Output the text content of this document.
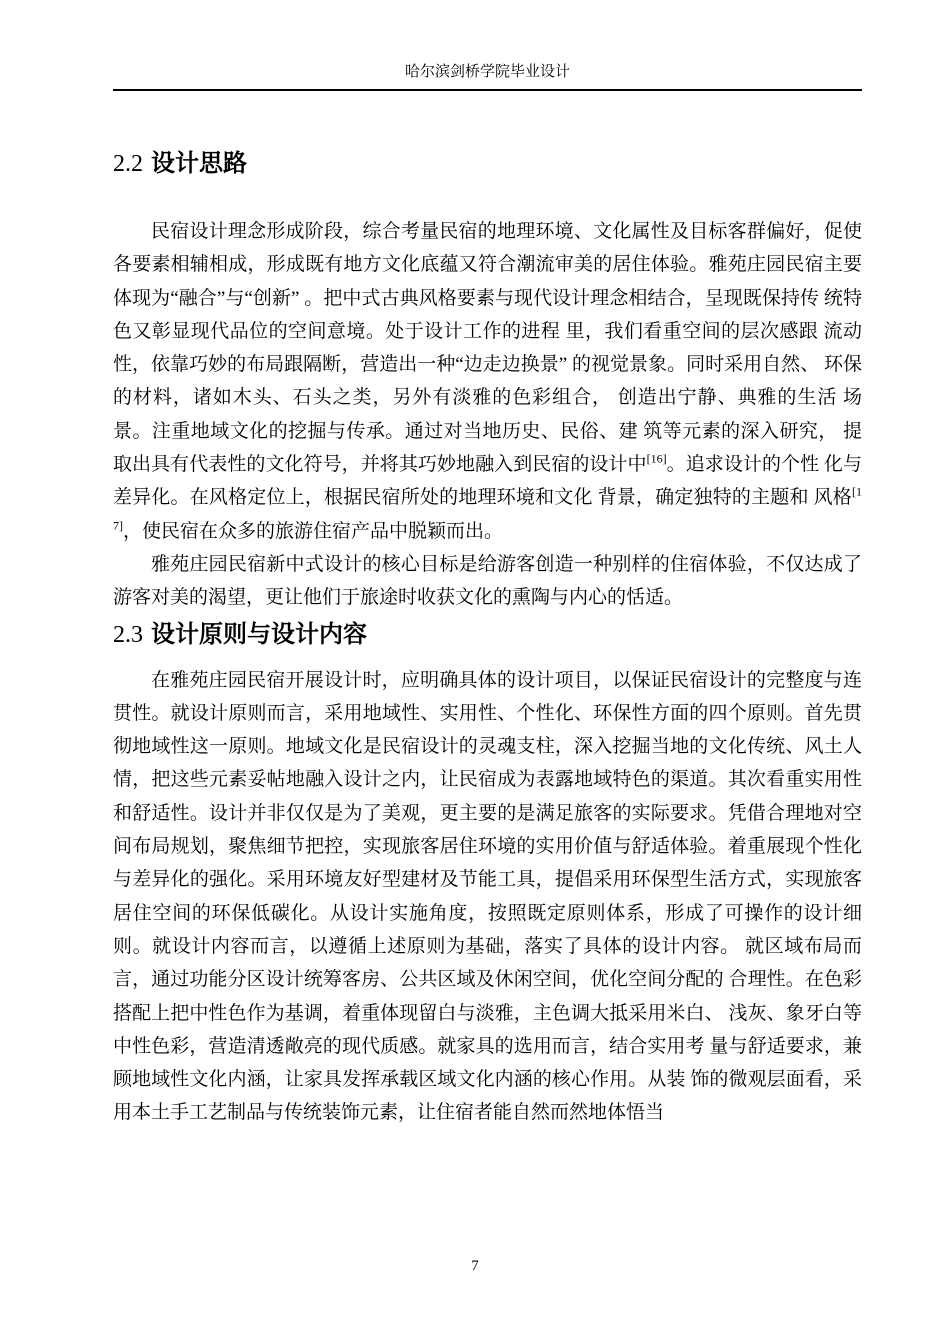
哈尔滨剑桥学院毕业设计
2.2 设计思路

民宿设计理念形成阶段，综合考量民宿的地理环境、文化属性及目标客群偏好，促使各要素相辅相成，形成既有地方文化底蕴又符合潮流审美的居住体验。雅苑庄园民宿主要体现为“融合”与“创新” 。把中式古典风格要素与现代设计理念相结合，呈现既保持传 统特色又彰显现代品位的空间意境。处于设计工作的进程 里，我们看重空间的层次感跟 流动性，依靠巧妙的布局跟隔断，营造出一种“边走边换景” 的视觉景象。同时采用自然、 环保的材料，诸如木头、石头之类，另外有淡雅的色彩组合， 创造出宁静、典雅的生活 场景。注重地域文化的挖掘与传承。通过对当地历史、民俗、建 筑等元素的深入研究， 提取出具有代表性的文化符号，并将其巧妙地融入到民宿的设计中[16]。追求设计的个性 化与差异化。在风格定位上，根据民宿所处的地理环境和文化 背景，确定独特的主题和 风格[17]，使民宿在众多的旅游住宿产品中脱颖而出。

雅苑庄园民宿新中式设计的核心目标是给游客创造一种别样的住宿体验，不仅达成了游客对美的渴望，更让他们于旅途时收获文化的熏陶与内心的恬适。

2.3 设计原则与设计内容

在雅苑庄园民宿开展设计时，应明确具体的设计项目，以保证民宿设计的完整度与连贯性。就设计原则而言，采用地域性、实用性、个性化、环保性方面的四个原则。首先贯彻地域性这一原则。地域文化是民宿设计的灵魂支柱，深入挖掘当地的文化传统、风土人情，把这些元素妥帖地融入设计之内，让民宿成为表露地域特色的渠道。其次看重实用性和舒适性。设计并非仅仅是为了美观，更主要的是满足旅客的实际要求。凭借合理地对空间布局规划，聚焦细节把控，实现旅客居住环境的实用价值与舒适体验。着重展现个性化与差异化的强化。采用环境友好型建材及节能工具，提倡采用环保型生活方式，实现旅客居住空间的环保低碳化。从设计实施角度，按照既定原则体系，形成了可操作的设计细则。就设计内容而言，以遵循上述原则为基础，落实了具体的设计内容。 就区域布局而言，通过功能分区设计统筹客房、公共区域及休闲空间，优化空间分配的 合理性。在色彩搭配上把中性色作为基调，着重体现留白与淡雅，主色调大抵采用米白、 浅灰、象牙白等中性色彩，营造清透敞亮的现代质感。就家具的选用而言，结合实用考 量与舒适要求，兼顾地域性文化内涵，让家具发挥承载区域文化内涵的核心作用。从装 饰的微观层面看，采用本土手工艺制品与传统装饰元素，让住宿者能自然而然地体悟当

7
